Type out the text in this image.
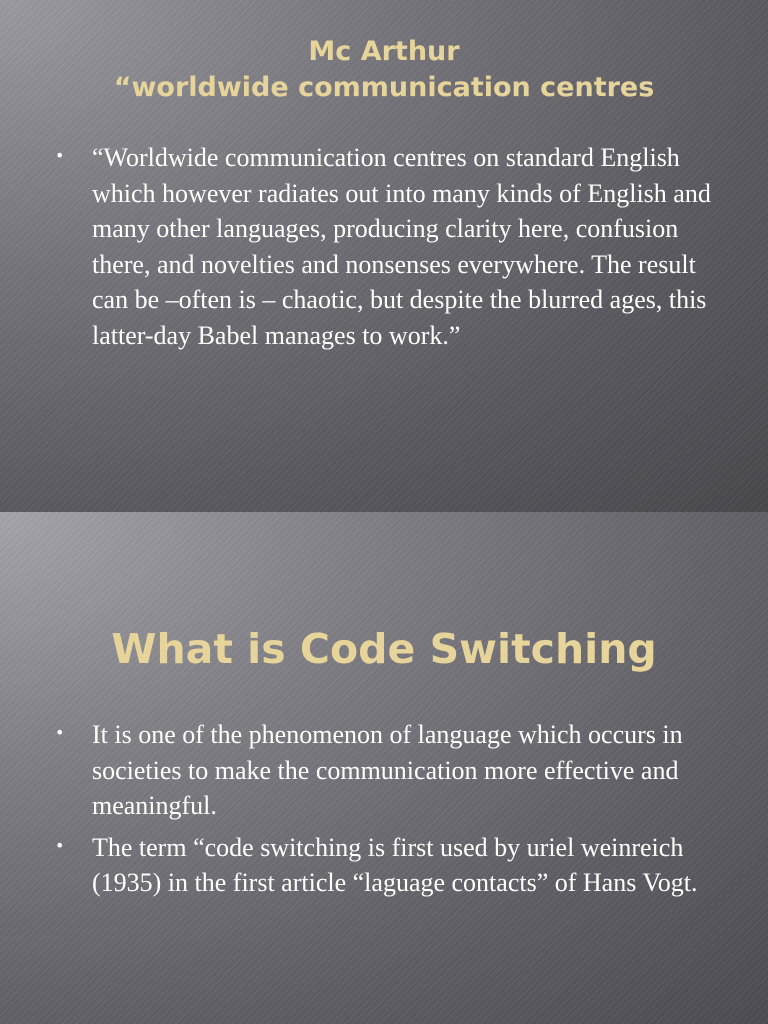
Mc Arthur
“worldwide communication centres
• “Worldwide communication centres on standard English which however radiates out into many kinds of English and many other languages, producing clarity here, confusion there, and novelties and nonsenses everywhere. The result can be –often is – chaotic, but despite the blurred ages, this latter-day Babel manages to work.”
What is Code Switching
• It is one of the phenomenon of language which occurs in societies to make the communication more effective and meaningful.
• The term “code switching is first used by uriel weinreich (1935) in the first article “laguage contacts” of Hans Vogt.
